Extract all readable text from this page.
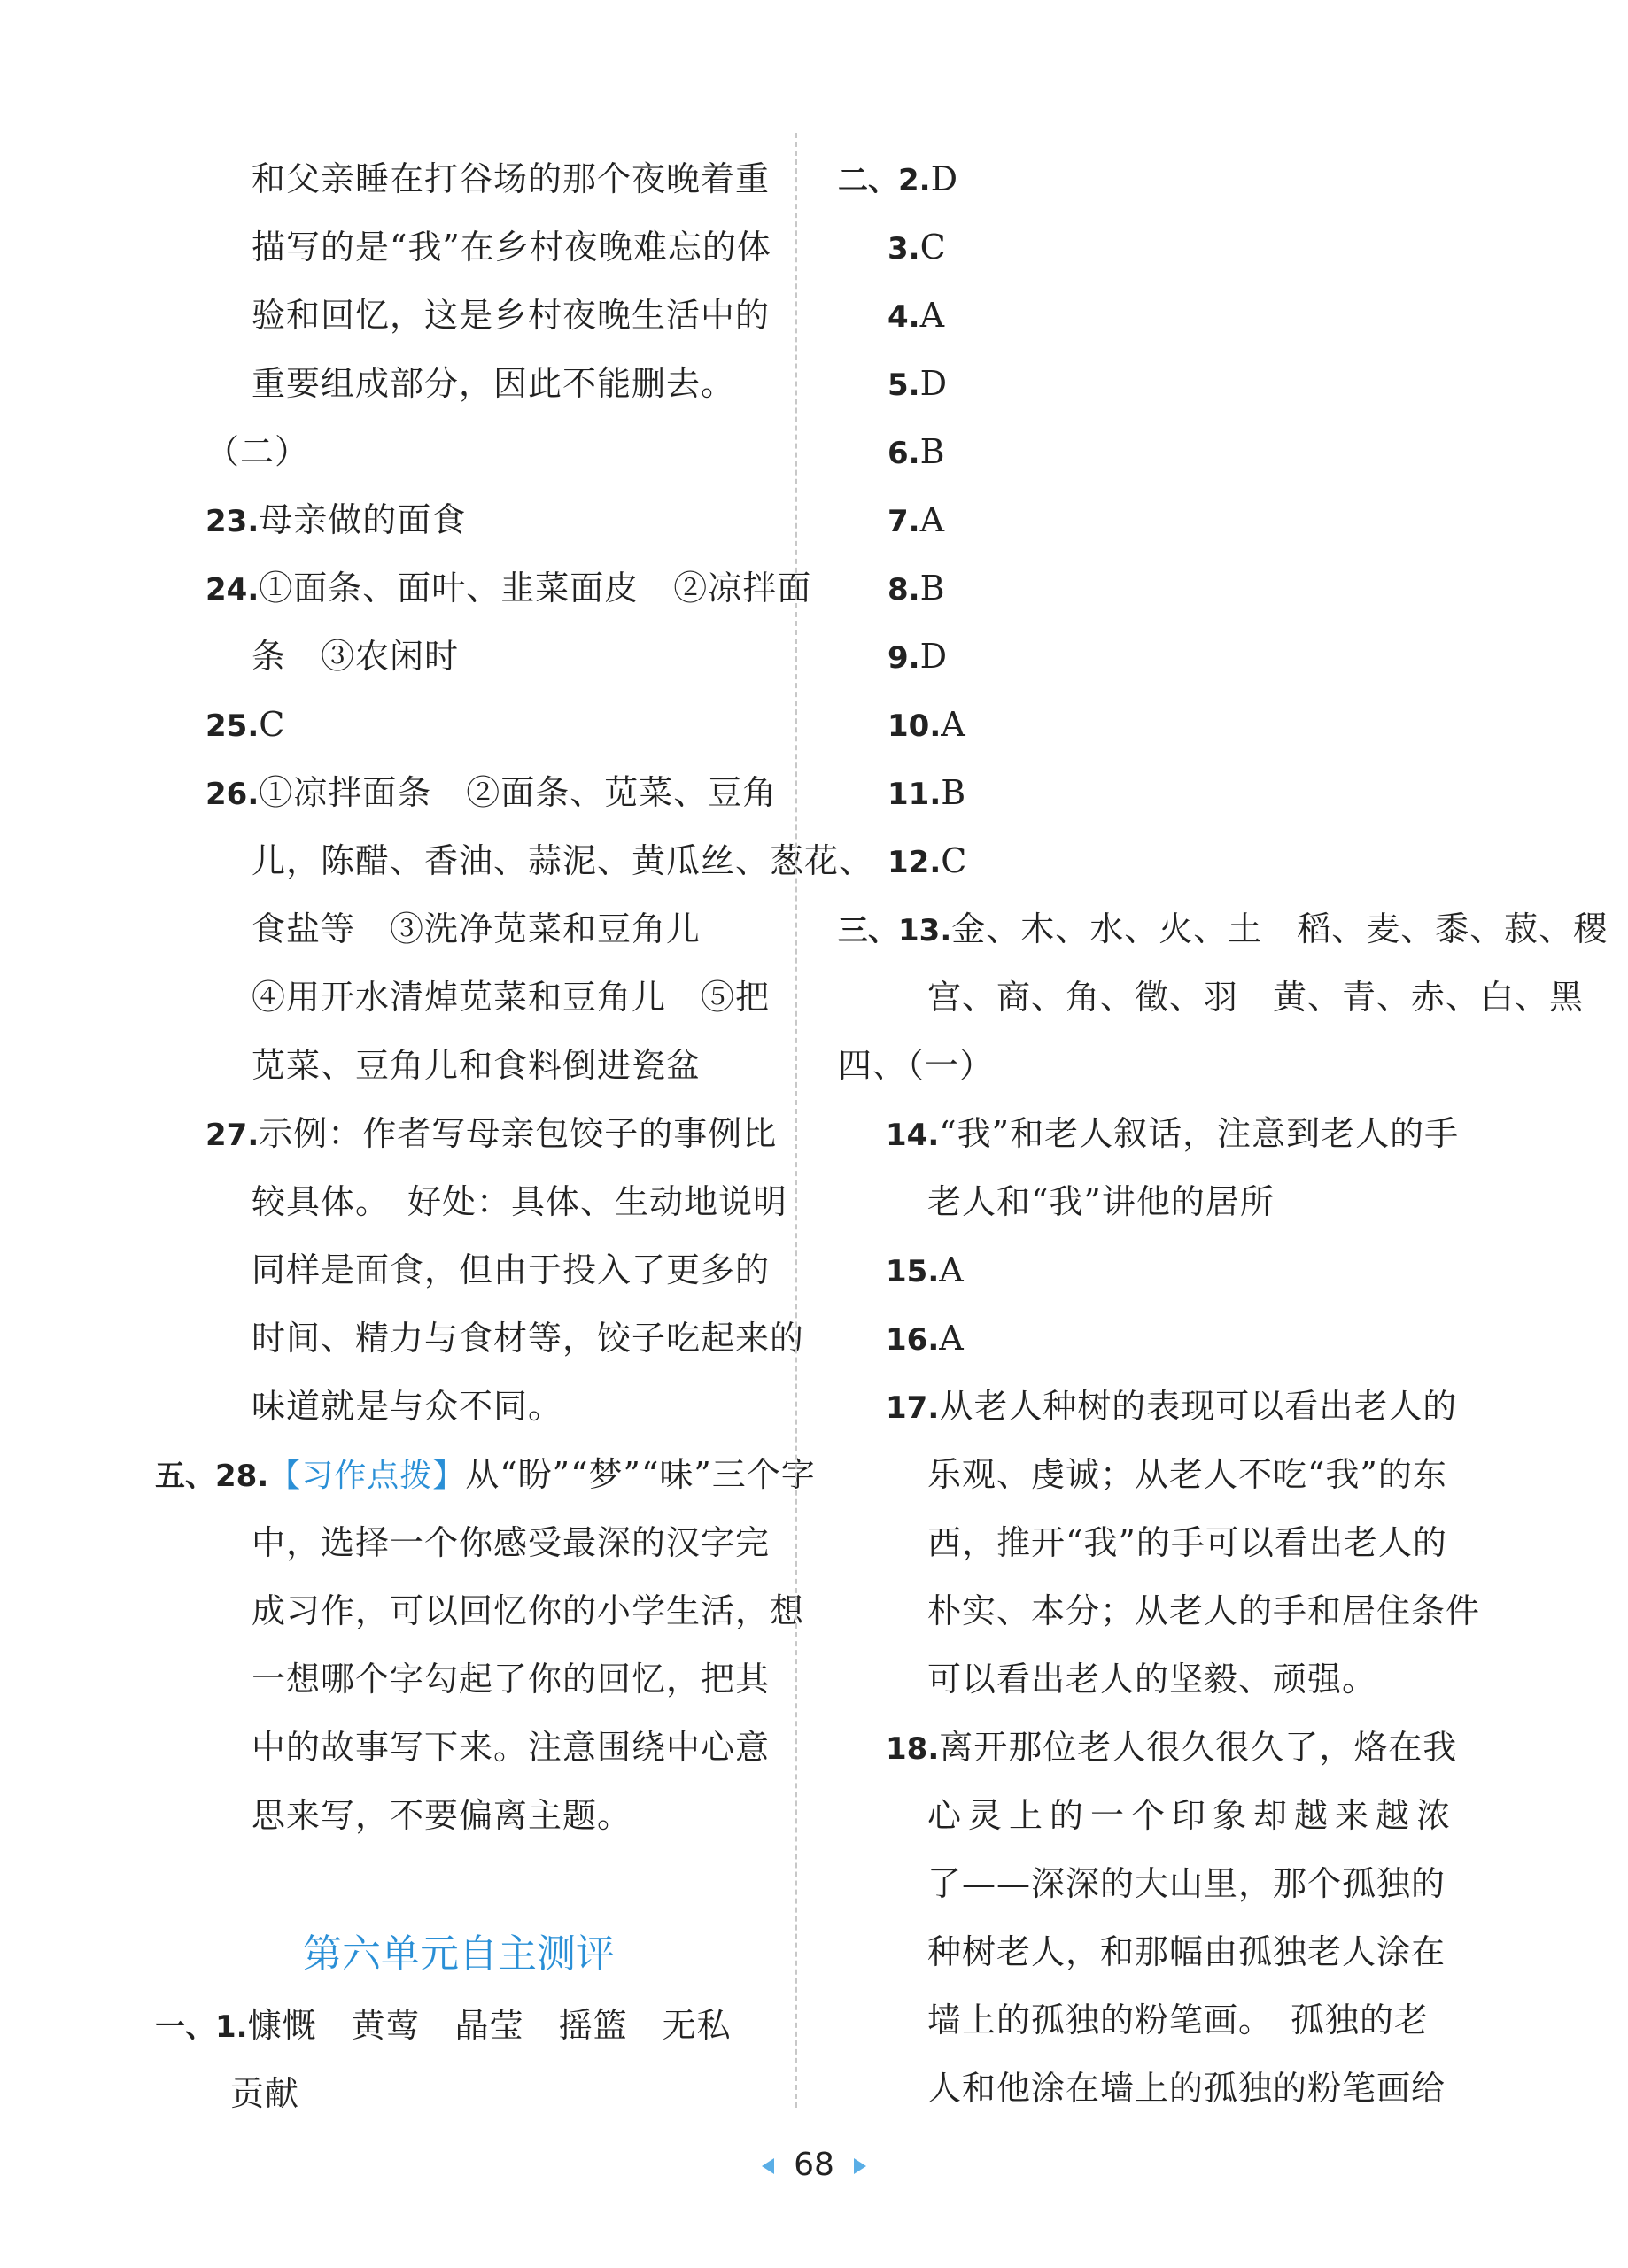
和父亲睡在打谷场的那个夜晚着重
描写的是“我”在乡村夜晚难忘的体
验和回忆，这是乡村夜晚生活中的
重要组成部分，因此不能删去。
（二）
23.母亲做的面食
24.①面条、面叶、韭菜面皮　②凉拌面
条　③农闲时
25.C
26.①凉拌面条　②面条、苋菜、豆角
儿，陈醋、香油、蒜泥、黄瓜丝、葱花、
食盐等　③洗净苋菜和豆角儿
④用开水清焯苋菜和豆角儿　⑤把
苋菜、豆角儿和食料倒进瓷盆
27.示例：作者写母亲包饺子的事例比
较具体。　好处：具体、生动地说明
同样是面食，但由于投入了更多的
时间、精力与食材等，饺子吃起来的
味道就是与众不同。
五、28.【习作点拨】从“盼”“梦”“味”三个字
中，选择一个你感受最深的汉字完
成习作，可以回忆你的小学生活，想
一想哪个字勾起了你的回忆，把其
中的故事写下来。注意围绕中心意
思来写，不要偏离主题。
第六单元自主测评
一、1.慷慨　黄莺　晶莹　摇篮　无私
贡献
二、2.D
3.C
4.A
5.D
6.B
7.A
8.B
9.D
10.A
11.B
12.C
三、13.金、木、水、火、土　稻、麦、黍、菽、稷
宫、商、角、徵、羽　黄、青、赤、白、黑
四、（一）
14.“我”和老人叙话，注意到老人的手
老人和“我”讲他的居所
15.A
16.A
17.从老人种树的表现可以看出老人的
乐观、虔诚；从老人不吃“我”的东
西，推开“我”的手可以看出老人的
朴实、本分；从老人的手和居住条件
可以看出老人的坚毅、顽强。
18.离开那位老人很久很久了，烙在我
心灵上的一个印象却越来越浓
了——深深的大山里，那个孤独的
种树老人，和那幅由孤独老人涂在
墙上的孤独的粉笔画。　孤独的老
人和他涂在墙上的孤独的粉笔画给
68
